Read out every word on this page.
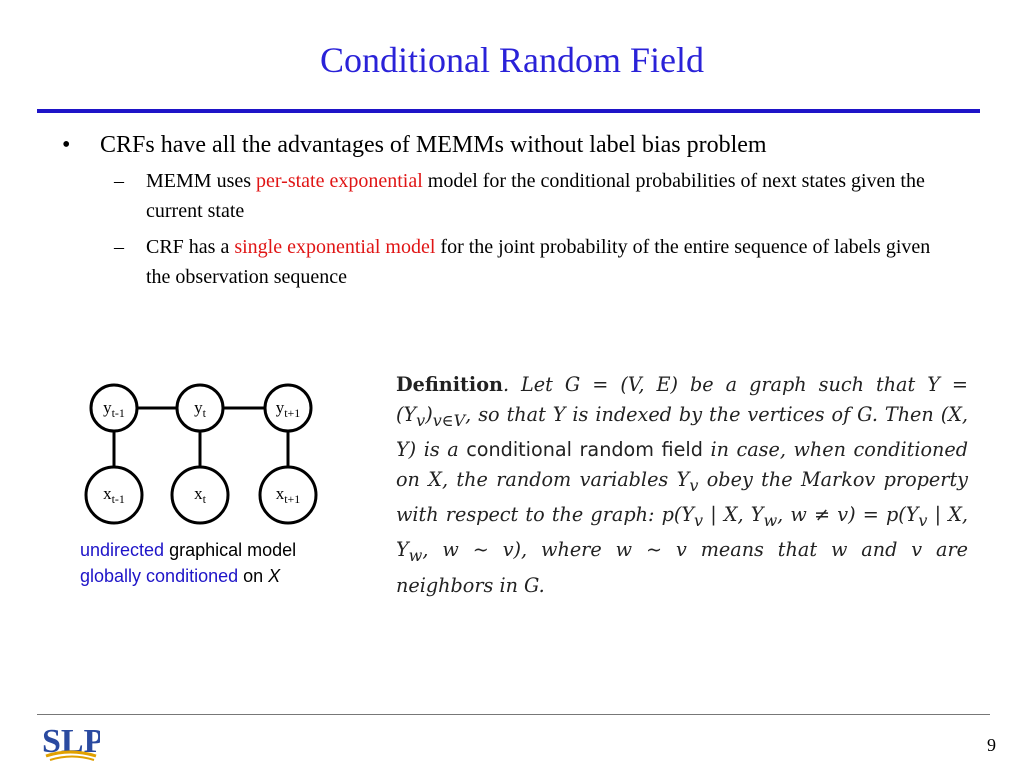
Conditional Random Field
• CRFs have all the advantages of MEMMs without label bias problem
– MEMM uses per-state exponential model for the conditional probabilities of next states given the current state
– CRF has a single exponential model for the joint probability of the entire sequence of labels given the observation sequence
$y_{t-1}$	$y_t$	$y_{t+1}$
$x_{t-1}$	$x_t$	$x_{t+1}$
undirected graphical model
globally conditioned on X
Definition. Let G = (V, E) be a graph such that $Y = (Y_v)_{v\in V}$, so that Y is indexed by the vertices of G. Then (X, Y) is a conditional random field in case, when conditioned on X, the random variables $Y_v$ obey the Markov property with respect to the graph: $p(Y_v$ | X, $Y_w$, $w \ne v) = p(Y_v$ | X, $Y_w$, w ∼ v), where w ∼ v means that w and v are neighbors in G.
SLP	9
